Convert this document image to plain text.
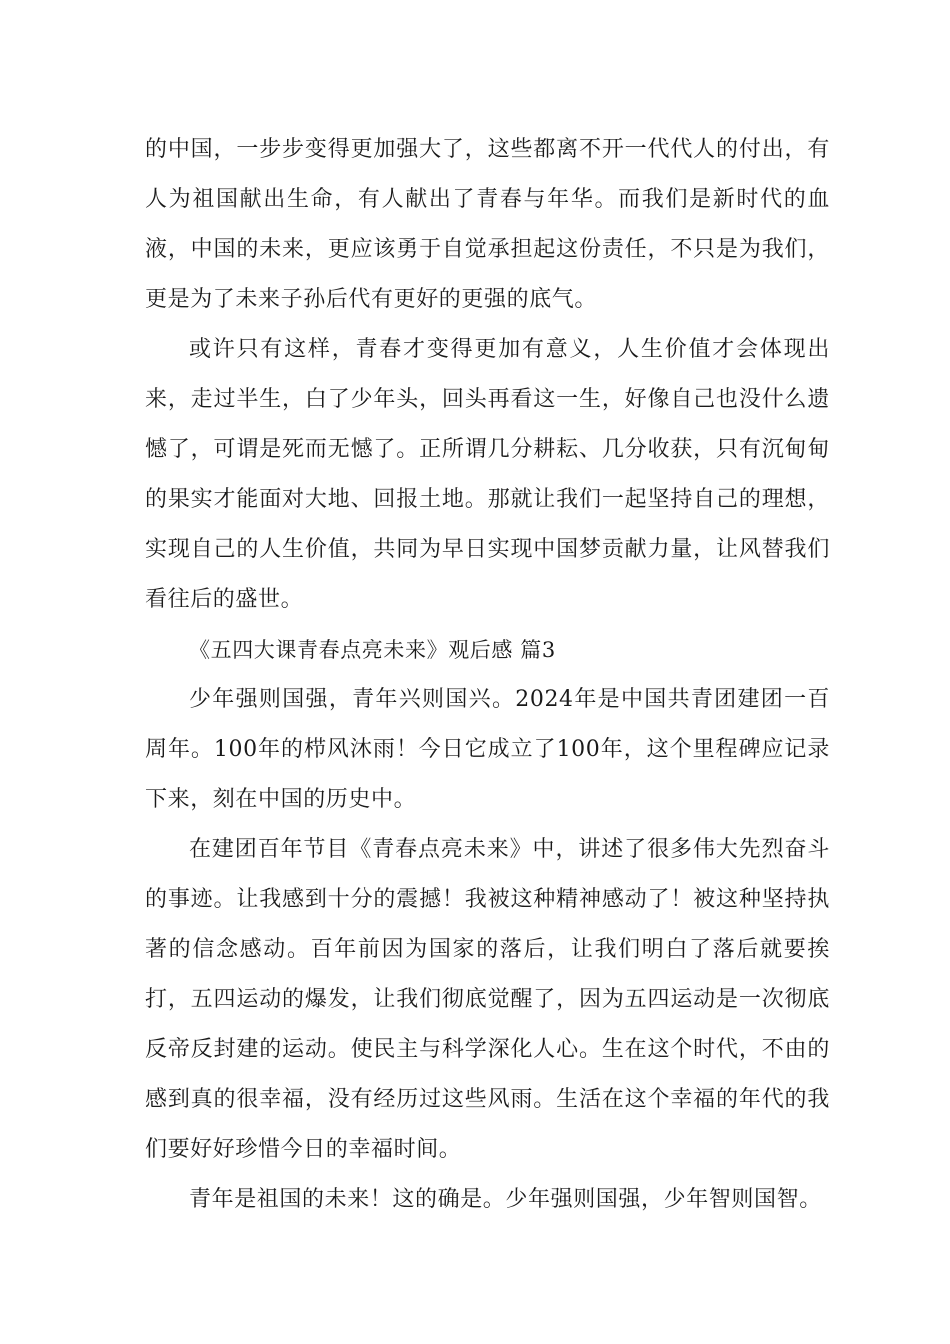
的中国，一步步变得更加强大了，这些都离不开一代代人的付出，有人为祖国献出生命，有人献出了青春与年华。而我们是新时代的血液，中国的未来，更应该勇于自觉承担起这份责任，不只是为我们，更是为了未来子孙后代有更好的更强的底气。

或许只有这样，青春才变得更加有意义，人生价值才会体现出来，走过半生，白了少年头，回头再看这一生，好像自己也没什么遗憾了，可谓是死而无憾了。正所谓几分耕耘、几分收获，只有沉甸甸的果实才能面对大地、回报土地。那就让我们一起坚持自己的理想，实现自己的人生价值，共同为早日实现中国梦贡献力量，让风替我们看往后的盛世。

《五四大课青春点亮未来》观后感 篇3

少年强则国强，青年兴则国兴。2024年是中国共青团建团一百周年。100年的栉风沐雨！今日它成立了100年，这个里程碑应记录下来，刻在中国的历史中。

在建团百年节目《青春点亮未来》中，讲述了很多伟大先烈奋斗的事迹。让我感到十分的震撼！我被这种精神感动了！被这种坚持执著的信念感动。百年前因为国家的落后，让我们明白了落后就要挨打，五四运动的爆发，让我们彻底觉醒了，因为五四运动是一次彻底反帝反封建的运动。使民主与科学深化人心。生在这个时代，不由的感到真的很幸福，没有经历过这些风雨。生活在这个幸福的年代的我们要好好珍惜今日的幸福时间。

青年是祖国的未来！这的确是。少年强则国强，少年智则国智。
